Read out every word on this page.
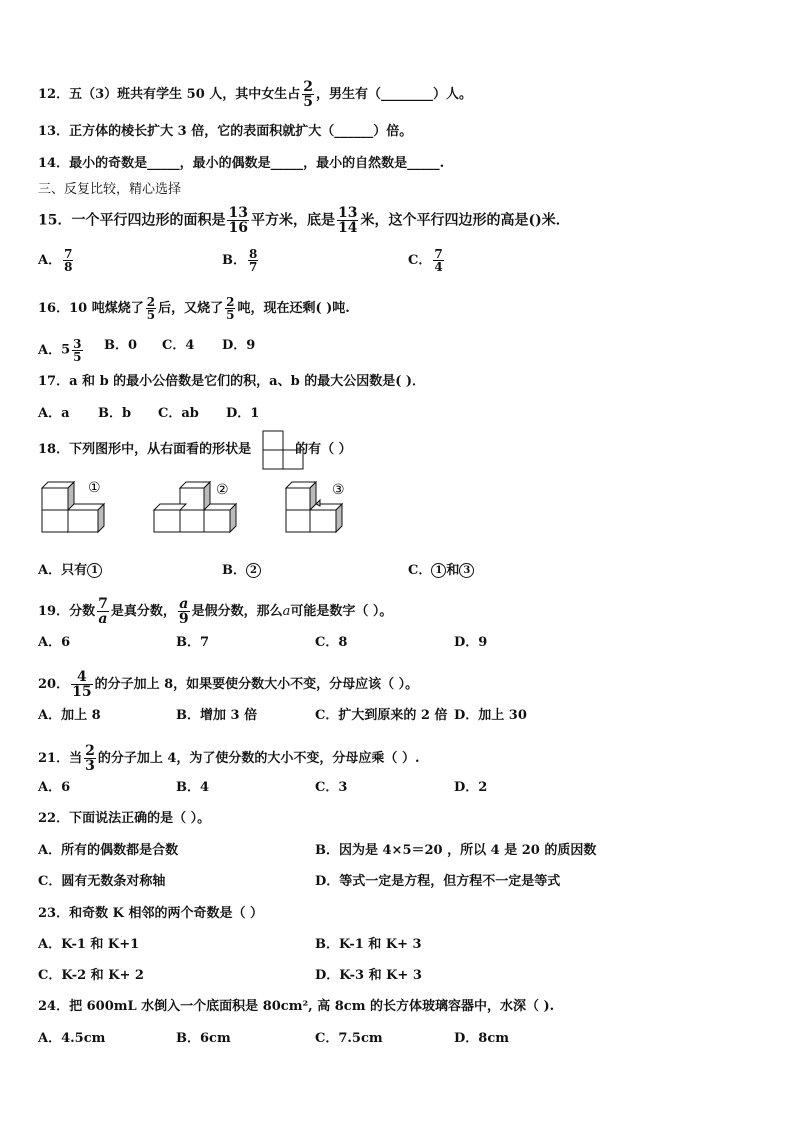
12．五（3）班共有学生 50 人，其中女生占 $\frac{2}{5}$ ，男生有（________）人。
13．正方体的棱长扩大 3 倍，它的表面积就扩大（______）倍。
14．最小的奇数是_____，最小的偶数是_____，最小的自然数是_____.
三、反复比较，精心选择
15．一个平行四边形的面积是 $\frac{13}{16}$ 平方米，底是 $\frac{13}{14}$ 米，这个平行四边形的高是()米．
A． $\frac{7}{8}$	B． $\frac{8}{7}$	C． $\frac{7}{4}$
16．10 吨煤烧了 $\frac{2}{5}$ 后，又烧了 $\frac{2}{5}$ 吨，现在还剩( )吨.
A．$5 \frac{3}{5}$ B．0 C．4 D．9
17．a 和 b 的最小公倍数是它们的积，a、b 的最大公因数是( )．
A．a B．b C．ab D．1
18．下列图形中，从右面看的形状是	的有（ ）
①	②	③
A．只有 1	B． 2	C． 1 和 3
19．分数 $\frac{7}{a}$ 是真分数， $\frac{a}{9}$ 是假分数，那么a可能是数字（ ）。
A．6	B．7	C．8	D．9
20． $\frac{4}{15}$ 的分子加上 8，如果要使分数大小不变，分母应该（ ）。
A．加上 8	B．增加 3 倍	C．扩大到原来的 2 倍 D．加上 30
21．当 $\frac{2}{3}$ 的分子加上 4，为了使分数的大小不变，分母应乘（ ）.
A．6	B．4	C．3	D．2
22．下面说法正确的是（ ）。
A．所有的偶数都是合数	B．因为是 4×5＝20 ，所以 4 是 20 的质因数
C．圆有无数条对称轴	D．等式一定是方程，但方程不一定是等式
23．和奇数 K 相邻的两个奇数是（ ）
A．K-1 和 K+1	B．K-1 和 K+ 3
C．K-2 和 K+ 2	D．K-3 和 K+ 3
24．把 600mL 水倒入一个底面积是 80cm², 高 8cm 的长方体玻璃容器中，水深（ ).
A．4.5cm	B．6cm	C．7.5cm	D．8cm
